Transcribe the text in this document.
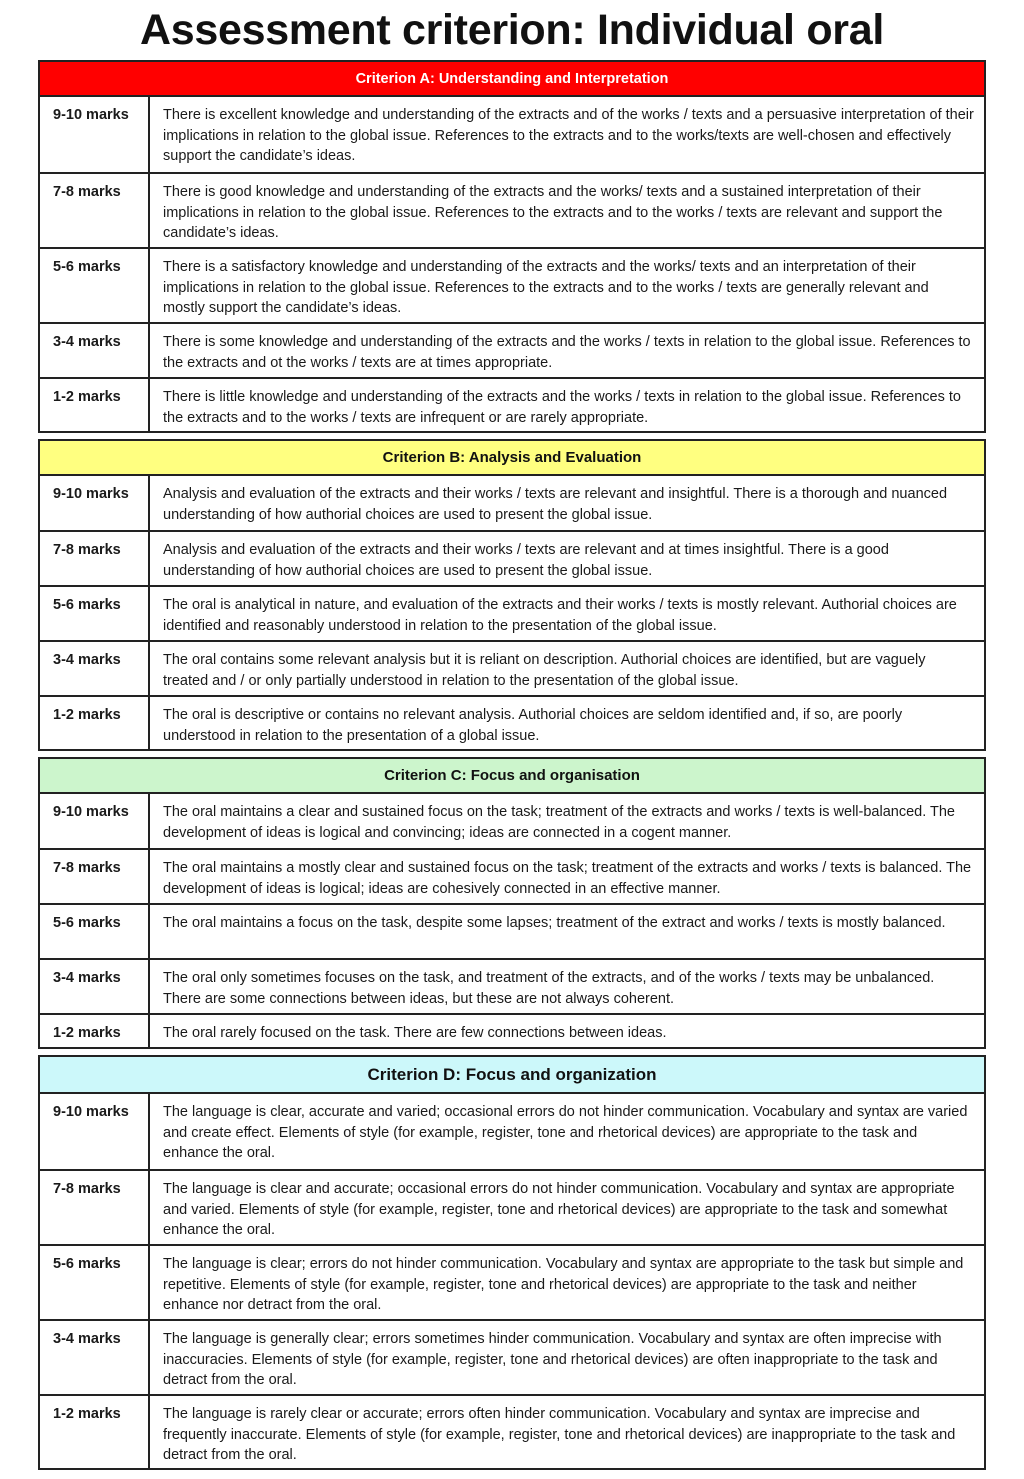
Assessment criterion: Individual oral
Criterion A: Understanding and Interpretation
9-10 marks	There is excellent knowledge and understanding of the extracts and of the works / texts and a persuasive interpretation of their implications in relation to the global issue. References to the extracts and to the works/texts are well-chosen and effectively support the candidate’s ideas.
7-8 marks	There is good knowledge and understanding of the extracts and the works/ texts and a sustained interpretation of their implications in relation to the global issue. References to the extracts and to the works / texts are relevant and support the candidate’s ideas.
5-6 marks	There is a satisfactory knowledge and understanding of the extracts and the works/ texts and an interpretation of their implications in relation to the global issue. References to the extracts and to the works / texts are generally relevant and mostly support the candidate’s ideas.
3-4 marks	There is some knowledge and understanding of the extracts and the works / texts in relation to the global issue. References to the extracts and ot the works / texts are at times appropriate.
1-2 marks	There is little knowledge and understanding of the extracts and the works / texts in relation to the global issue. References to the extracts and to the works / texts are infrequent or are rarely appropriate.
Criterion B: Analysis and Evaluation
9-10 marks	Analysis and evaluation of the extracts and their works / texts are relevant and insightful. There is a thorough and nuanced understanding of how authorial choices are used to present the global issue.
7-8 marks	Analysis and evaluation of the extracts and their works / texts are relevant and at times insightful. There is a good understanding of how authorial choices are used to present the global issue.
5-6 marks	The oral is analytical in nature, and evaluation of the extracts and their works / texts is mostly relevant. Authorial choices are identified and reasonably understood in relation to the presentation of the global issue.
3-4 marks	The oral contains some relevant analysis but it is reliant on description. Authorial choices are identified, but are vaguely treated and / or only partially understood in relation to the presentation of the global issue.
1-2 marks	The oral is descriptive or contains no relevant analysis. Authorial choices are seldom identified and, if so, are poorly understood in relation to the presentation of a global issue.
Criterion C: Focus and organisation
9-10 marks	The oral maintains a clear and sustained focus on the task; treatment of the extracts and works / texts is well-balanced. The development of ideas is logical and convincing; ideas are connected in a cogent manner.
7-8 marks	The oral maintains a mostly clear and sustained focus on the task; treatment of the extracts and works / texts is balanced. The development of ideas is logical; ideas are cohesively connected in an effective manner.
5-6 marks	The oral maintains a focus on the task, despite some lapses; treatment of the extract and works / texts is mostly balanced.
3-4 marks	The oral only sometimes focuses on the task, and treatment of the extracts, and of the works / texts may be unbalanced. There are some connections between ideas, but these are not always coherent.
1-2 marks	The oral rarely focused on the task. There are few connections between ideas.
Criterion D: Focus and organization
9-10 marks	The language is clear, accurate and varied; occasional errors do not hinder communication. Vocabulary and syntax are varied and create effect. Elements of style (for example, register, tone and rhetorical devices) are appropriate to the task and enhance the oral.
7-8 marks	The language is clear and accurate; occasional errors do not hinder communication. Vocabulary and syntax are appropriate and varied. Elements of style (for example, register, tone and rhetorical devices) are appropriate to the task and somewhat enhance the oral.
5-6 marks	The language is clear; errors do not hinder communication. Vocabulary and syntax are appropriate to the task but simple and repetitive. Elements of style (for example, register, tone and rhetorical devices) are appropriate to the task and neither enhance nor detract from the oral.
3-4 marks	The language is generally clear; errors sometimes hinder communication. Vocabulary and syntax are often imprecise with inaccuracies. Elements of style (for example, register, tone and rhetorical devices) are often inappropriate to the task and detract from the oral.
1-2 marks	The language is rarely clear or accurate; errors often hinder communication. Vocabulary and syntax are imprecise and frequently inaccurate. Elements of style (for example, register, tone and rhetorical devices) are inappropriate to the task and detract from the oral.
